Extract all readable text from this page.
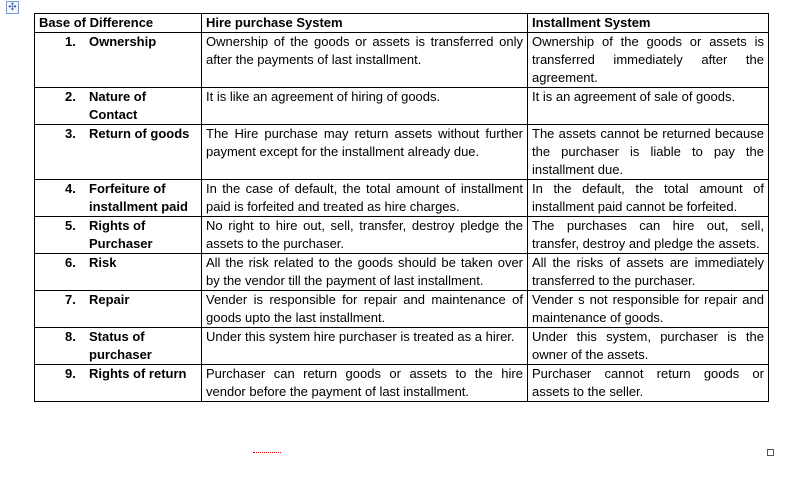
✣
Base of Difference	Hire purchase System	Installment System

1. Ownership	Ownership of the goods or assets is transferred only after the payments of last installment.	Ownership of the goods or assets is transferred immediately after the agreement.

2. Nature of Contact	It is like an agreement of hiring of goods.	It is an agreement of sale of goods.

3. Return of goods	The Hire purchase may return assets without further payment except for the installment already due.	The assets cannot be returned because the purchaser is liable to pay the installment due.

4. Forfeiture of installment paid	In the case of default, the total amount of installment paid is forfeited and treated as hire charges.	In the default, the total amount of installment paid cannot be forfeited.

5. Rights of Purchaser	No right to hire out, sell, transfer, destroy pledge the assets to the purchaser.	The purchases can hire out, sell, transfer, destroy and pledge the assets.

6. Risk	All the risk related to the goods should be taken over by the vendor till the payment of last installment.	All the risks of assets are immediately transferred to the purchaser.

7. Repair	Vender is responsible for repair and maintenance of goods upto the last installment.	Vender s not responsible for repair and maintenance of goods.

8. Status of purchaser	Under this system hire purchaser is treated as a hirer.	Under this system, purchaser is the owner of the assets.

9. Rights of return	Purchaser can return goods or assets to the hire vendor before the payment of last installment.	Purchaser cannot return goods or assets to the seller.
